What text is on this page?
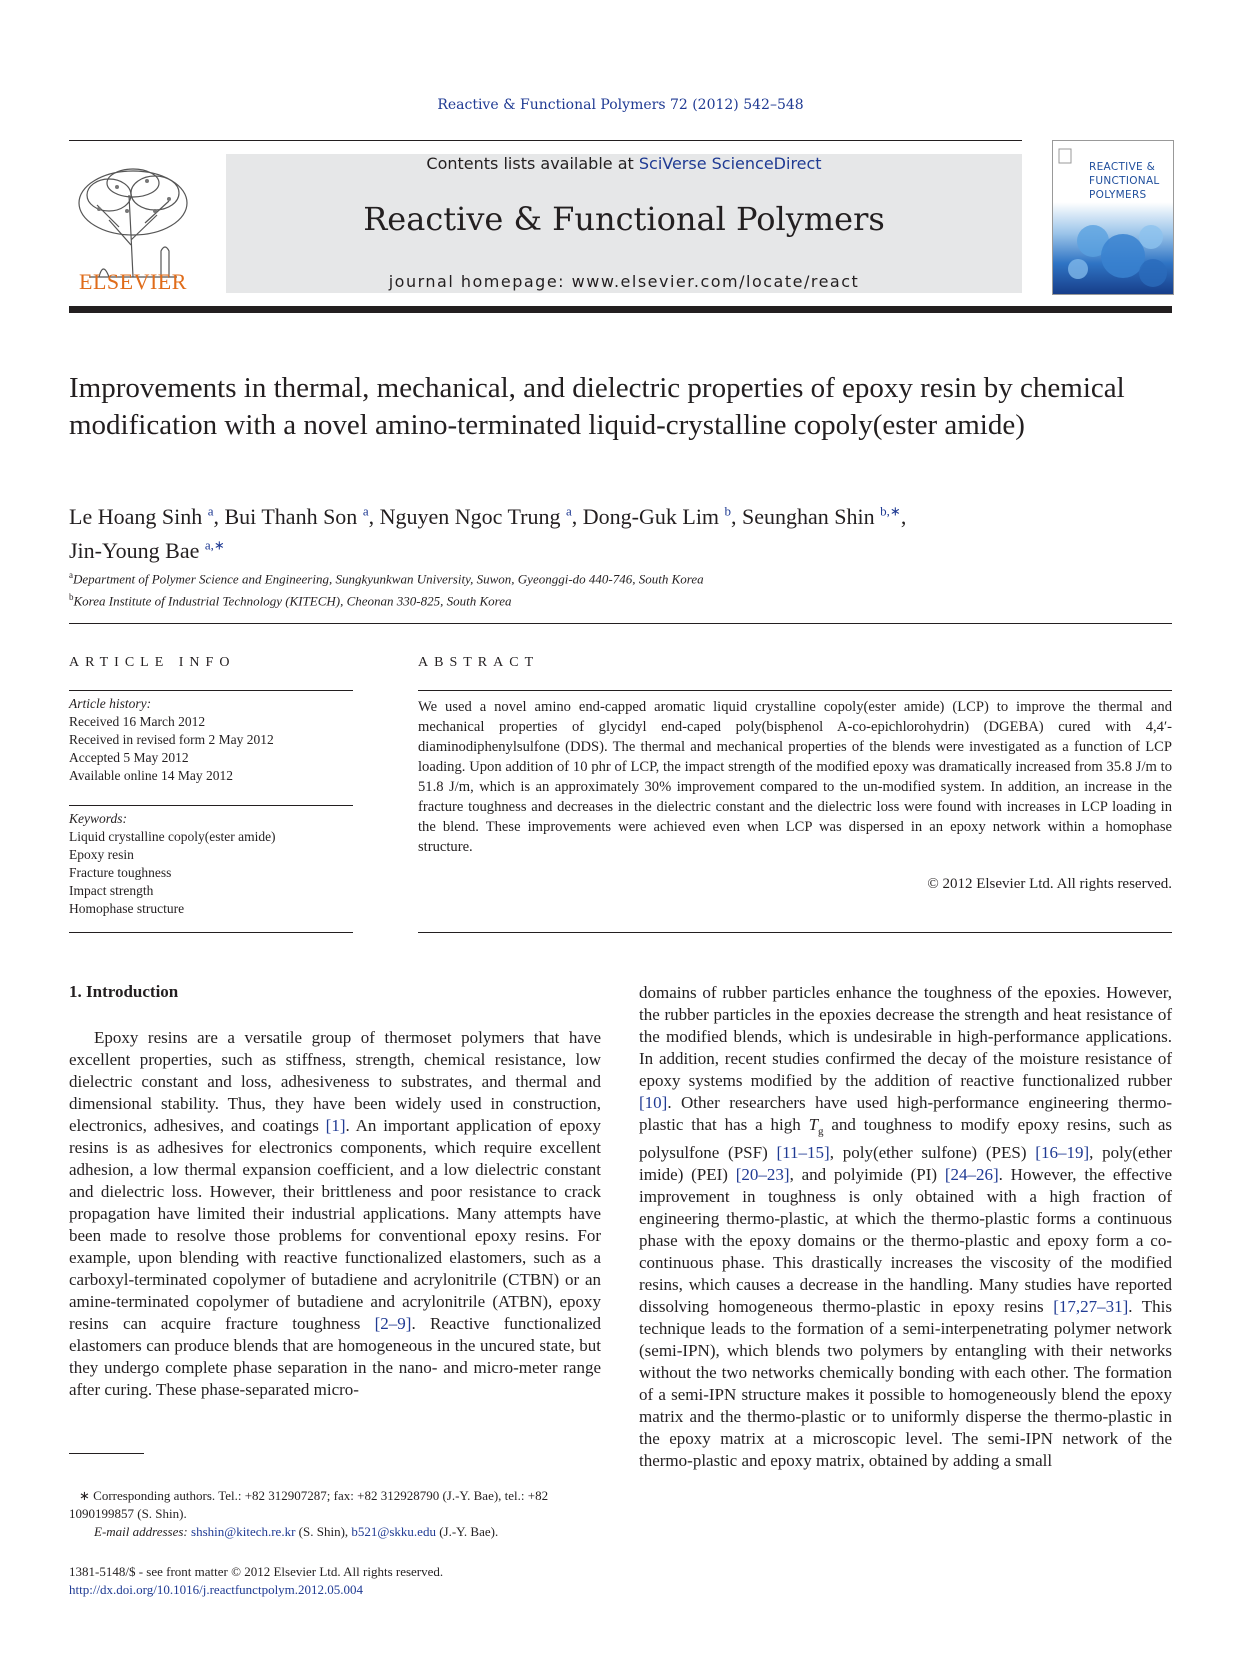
Reactive & Functional Polymers 72 (2012) 542–548
ELSEVIER
Contents lists available at SciVerse ScienceDirect
Reactive & Functional Polymers
journal homepage: www.elsevier.com/locate/react
REACTIVE &
FUNCTIONAL
POLYMERS
Improvements in thermal, mechanical, and dielectric properties of epoxy resin by chemical modification with a novel amino-terminated liquid-crystalline copoly(ester amide)
Le Hoang Sinh $^a$, Bui Thanh Son $^a$, Nguyen Ngoc Trung $^a$, Dong-Guk Lim $^b$, Seunghan Shin $^{b,∗}$,
Jin-Young Bae $^{a,∗}$
$^a$Department of Polymer Science and Engineering, Sungkyunkwan University, Suwon, Gyeonggi-do 440-746, South Korea
$^b$Korea Institute of Industrial Technology (KITECH), Cheonan 330-825, South Korea
ARTICLE INFO
Article history:
Received 16 March 2012
Received in revised form 2 May 2012
Accepted 5 May 2012
Available online 14 May 2012
Keywords:
Liquid crystalline copoly(ester amide)
Epoxy resin
Fracture toughness
Impact strength
Homophase structure
ABSTRACT
We used a novel amino end-capped aromatic liquid crystalline copoly(ester amide) (LCP) to improve the thermal and mechanical properties of glycidyl end-caped poly(bisphenol A-co-epichlorohydrin) (DGEBA) cured with 4,4′-diaminodiphenylsulfone (DDS). The thermal and mechanical properties of the blends were investigated as a function of LCP loading. Upon addition of 10 phr of LCP, the impact strength of the modified epoxy was dramatically increased from 35.8 J/m to 51.8 J/m, which is an approximately 30% improvement compared to the un-modified system. In addition, an increase in the fracture toughness and decreases in the dielectric constant and the dielectric loss were found with increases in LCP loading in the blend. These improvements were achieved even when LCP was dispersed in an epoxy network within a homophase structure.
© 2012 Elsevier Ltd. All rights reserved.
1. Introduction
Epoxy resins are a versatile group of thermoset polymers that have excellent properties, such as stiffness, strength, chemical resistance, low dielectric constant and loss, adhesiveness to substrates, and thermal and dimensional stability. Thus, they have been widely used in construction, electronics, adhesives, and coatings [1]. An important application of epoxy resins is as adhesives for electronics components, which require excellent adhesion, a low thermal expansion coefficient, and a low dielectric constant and dielectric loss. However, their brittleness and poor resistance to crack propagation have limited their industrial applications. Many attempts have been made to resolve those problems for conventional epoxy resins. For example, upon blending with reactive functionalized elastomers, such as a carboxyl-terminated copolymer of butadiene and acrylonitrile (CTBN) or an amine-terminated copolymer of butadiene and acrylonitrile (ATBN), epoxy resins can acquire fracture toughness [2–9]. Reactive functionalized elastomers can produce blends that are homogeneous in the uncured state, but they undergo complete phase separation in the nano- and micro-meter range after curing. These phase-separated micro-
domains of rubber particles enhance the toughness of the epoxies. However, the rubber particles in the epoxies decrease the strength and heat resistance of the modified blends, which is undesirable in high-performance applications. In addition, recent studies confirmed the decay of the moisture resistance of epoxy systems modified by the addition of reactive functionalized rubber [10]. Other researchers have used high-performance engineering thermo-plastic that has a high $T_g$ and toughness to modify epoxy resins, such as polysulfone (PSF) [11–15], poly(ether sulfone) (PES) [16–19], poly(ether imide) (PEI) [20–23], and polyimide (PI) [24–26]. However, the effective improvement in toughness is only obtained with a high fraction of engineering thermo-plastic, at which the thermo-plastic forms a continuous phase with the epoxy domains or the thermo-plastic and epoxy form a co-continuous phase. This drastically increases the viscosity of the modified resins, which causes a decrease in the handling. Many studies have reported dissolving homogeneous thermo-plastic in epoxy resins [17,27–31]. This technique leads to the formation of a semi-interpenetrating polymer network (semi-IPN), which blends two polymers by entangling with their networks without the two networks chemically bonding with each other. The formation of a semi-IPN structure makes it possible to homogeneously blend the epoxy matrix and the thermo-plastic or to uniformly disperse the thermo-plastic in the epoxy matrix at a microscopic level. The semi-IPN network of the thermo-plastic and epoxy matrix, obtained by adding a small
∗ Corresponding authors. Tel.: +82 312907287; fax: +82 312928790 (J.-Y. Bae), tel.: +82 1090199857 (S. Shin).
E-mail addresses: shshin@kitech.re.kr (S. Shin), b521@skku.edu (J.-Y. Bae).
1381-5148/$ - see front matter © 2012 Elsevier Ltd. All rights reserved.
http://dx.doi.org/10.1016/j.reactfunctpolym.2012.05.004
